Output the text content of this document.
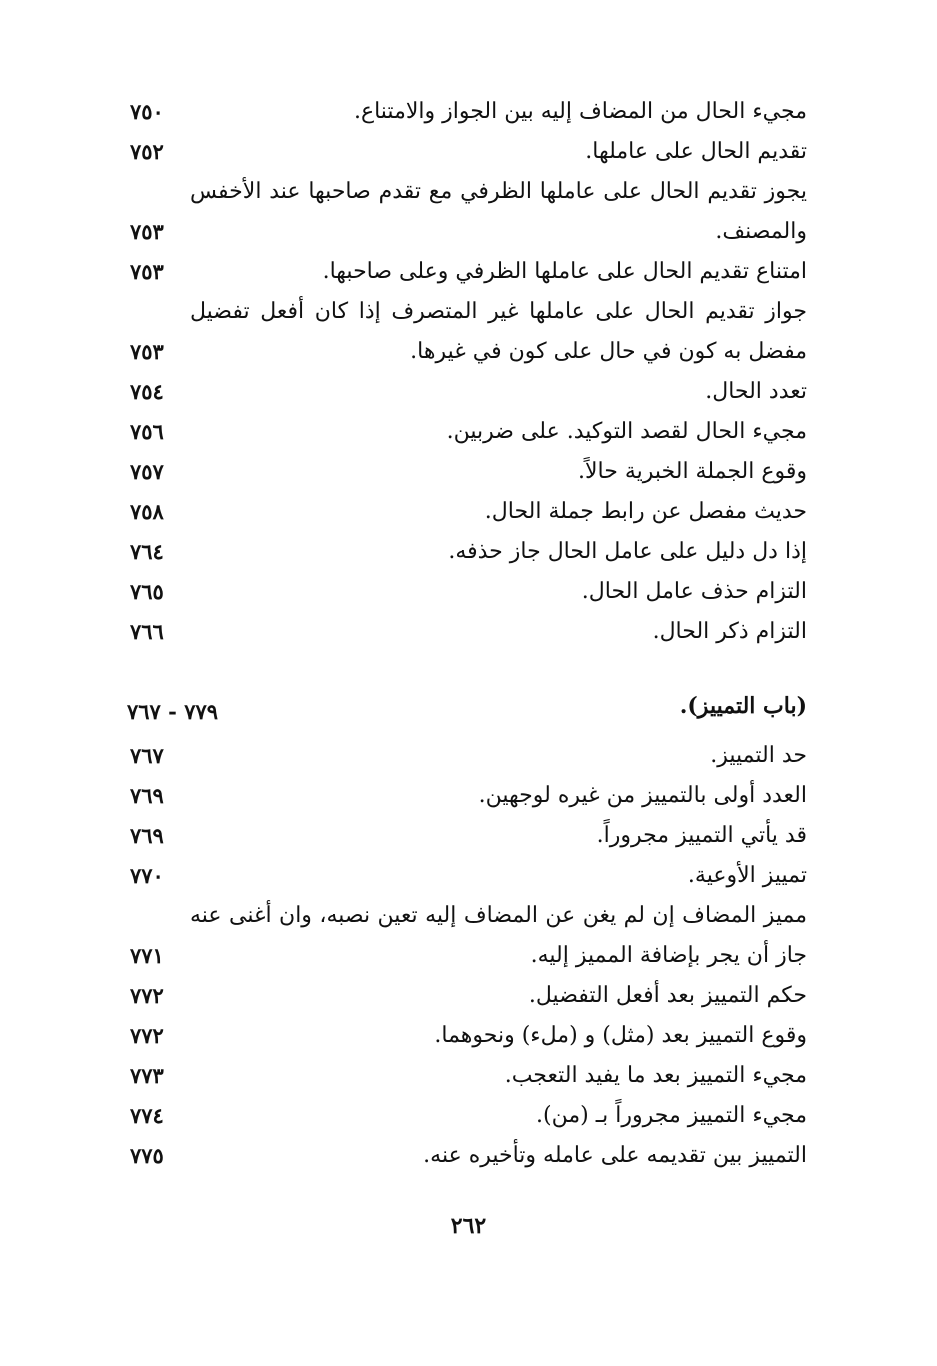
مجيء الحال من المضاف إليه بين الجواز والامتناع.
٧٥٠
تقديم الحال على عاملها.
٧٥٢
يجوز تقديم الحال على عاملها الظرفي مع تقدم صاحبها عند الأخفس
والمصنف.
٧٥٣
امتناع تقديم الحال على عاملها الظرفي وعلى صاحبها.
٧٥٣
جواز تقديم الحال على عاملها غير المتصرف إذا كان أفعل تفضيل
مفضل به كون في حال على كون في غيرها.
٧٥٣
تعدد الحال.
٧٥٤
مجيء الحال لقصد التوكيد. على ضربين.
٧٥٦
وقوع الجملة الخبرية حالاً.
٧٥٧
حديث مفصل عن رابط جملة الحال.
٧٥٨
إذا دل دليل على عامل الحال جاز حذفه.
٧٦٤
التزام حذف عامل الحال.
٧٦٥
التزام ذكر الحال.
٧٦٦
(باب التمييز).
٧٧٩ - ٧٦٧
حد التمييز.
٧٦٧
العدد أولى بالتمييز من غيره لوجهين.
٧٦٩
قد يأتي التمييز مجروراً.
٧٦٩
تمييز الأوعية.
٧٧٠
مميز المضاف إن لم يغن عن المضاف إليه تعين نصبه، وان أغنى عنه
جاز أن يجر بإضافة المميز إليه.
٧٧١
حكم التمييز بعد أفعل التفضيل.
٧٧٢
وقوع التمييز بعد (مثل) و (ملء) ونحوهما.
٧٧٢
مجيء التمييز بعد ما يفيد التعجب.
٧٧٣
مجيء التمييز مجروراً بـ (من).
٧٧٤
التمييز بين تقديمه على عامله وتأخيره عنه.
٧٧٥
٢٦٢
